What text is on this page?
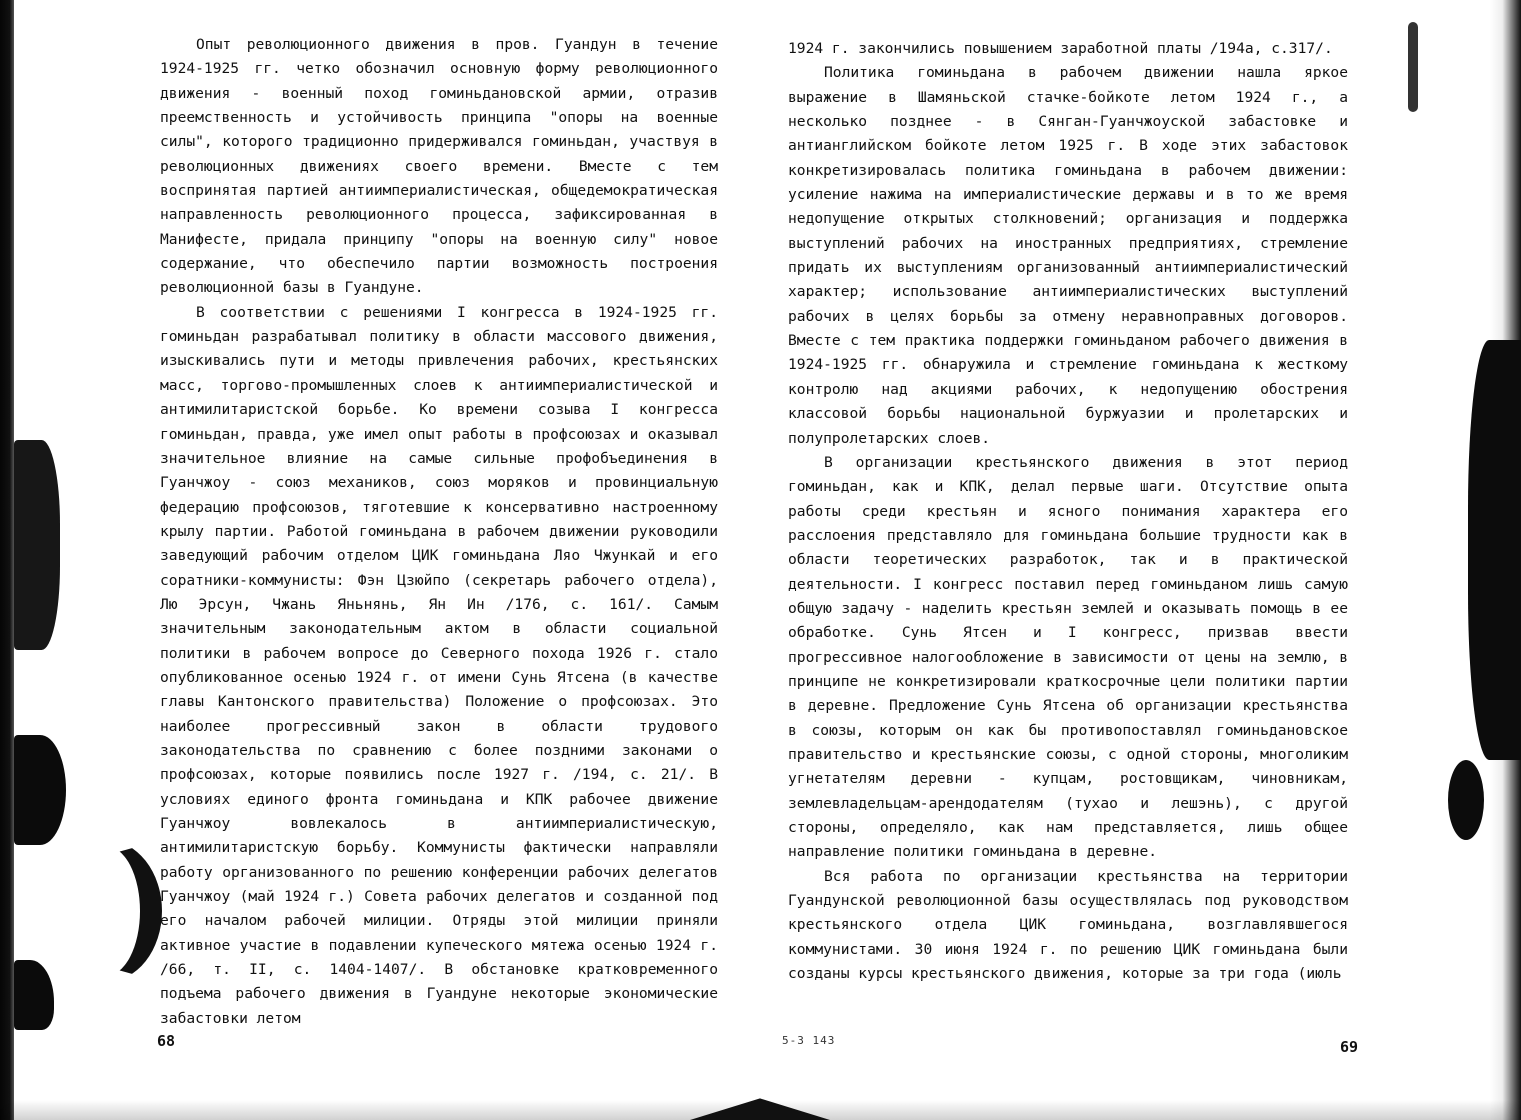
Опыт революционного движения в пров. Гуандун в течение 1924-1925 гг. четко обозначил основную форму революционного движения - военный поход гоминьдановской армии, отразив преемственность и устойчивость принципа "опоры на военные силы", которого традиционно придерживался гоминьдан, участвуя в революционных движениях своего времени. Вместе с тем воспринятая партией антиимпериалистическая, общедемократическая направленность революционного процесса, зафиксированная в Манифесте, придала принципу "опоры на военную силу" новое содержание, что обеспечило партии возможность построения революционной базы в Гуандуне.

В соответствии с решениями I конгресса в 1924-1925 гг. гоминьдан разрабатывал политику в области массового движения, изыскивались пути и методы привлечения рабочих, крестьянских масс, торгово-промышленных слоев к антиимпериалистической и антимилитаристской борьбе. Ко времени созыва I конгресса гоминьдан, правда, уже имел опыт работы в профсоюзах и оказывал значительное влияние на самые сильные профобъединения в Гуанчжоу - союз механиков, союз моряков и провинциальную федерацию профсоюзов, тяготевшие к консервативно настроенному крылу партии. Работой гоминьдана в рабочем движении руководили заведующий рабочим отделом ЦИК гоминьдана Ляо Чжункай и его соратники-коммунисты: Фэн Цзюйпо (секретарь рабочего отдела), Лю Эрсун, Чжань Яньнянь, Ян Ин /176, с. 161/. Самым значительным законодательным актом в области социальной политики в рабочем вопросе до Северного похода 1926 г. стало опубликованное осенью 1924 г. от имени Сунь Ятсена (в качестве главы Кантонского правительства) Положение о профсоюзах. Это наиболее прогрессивный закон в области трудового законодательства по сравнению с более поздними законами о профсоюзах, которые появились после 1927 г. /194, с. 21/. В условиях единого фронта гоминьдана и КПК рабочее движение Гуанчжоу вовлекалось в антиимпериалистическую, антимилитаристскую борьбу. Коммунисты фактически направляли работу организованного по решению конференции рабочих делегатов Гуанчжоу (май 1924 г.) Совета рабочих делегатов и созданной под его началом рабочей милиции. Отряды этой милиции приняли активное участие в подавлении купеческого мятежа осенью 1924 г. /66, т. II, с. 1404-1407/. В обстановке кратковременного подъема рабочего движения в Гуандуне некоторые экономические забастовки летом

68

1924 г. закончились повышением заработной платы /194а, с.317/.

Политика гоминьдана в рабочем движении нашла яркое выражение в Шамяньской стачке-бойкоте летом 1924 г., а несколько позднее - в Сянган-Гуанчжоуской забастовке и антианглийском бойкоте летом 1925 г. В ходе этих забастовок конкретизировалась политика гоминьдана в рабочем движении: усиление нажима на империалистические державы и в то же время недопущение открытых столкновений; организация и поддержка выступлений рабочих на иностранных предприятиях, стремление придать их выступлениям организованный антиимпериалистический характер; использование антиимпериалистических выступлений рабочих в целях борьбы за отмену неравноправных договоров. Вместе с тем практика поддержки гоминьданом рабочего движения в 1924-1925 гг. обнаружила и стремление гоминьдана к жесткому контролю над акциями рабочих, к недопущению обострения классовой борьбы национальной буржуазии и пролетарских и полупролетарских слоев.

В организации крестьянского движения в этот период гоминьдан, как и КПК, делал первые шаги. Отсутствие опыта работы среди крестьян и ясного понимания характера его расслоения представляло для гоминьдана большие трудности как в области теоретических разработок, так и в практической деятельности. I конгресс поставил перед гоминьданом лишь самую общую задачу - наделить крестьян землей и оказывать помощь в ее обработке. Сунь Ятсен и I конгресс, призвав ввести прогрессивное налогообложение в зависимости от цены на землю, в принципе не конкретизировали краткосрочные цели политики партии в деревне. Предложение Сунь Ятсена об организации крестьянства в союзы, которым он как бы противопоставлял гоминьдановское правительство и крестьянские союзы, с одной стороны, многоликим угнетателям деревни - купцам, ростовщикам, чиновникам, землевладельцам-арендодателям (тухао и лешэнь), с другой стороны, определяло, как нам представляется, лишь общее направление политики гоминьдана в деревне.

Вся работа по организации крестьянства на территории Гуандунской революционной базы осуществлялась под руководством крестьянского отдела ЦИК гоминьдана, возглавлявшегося коммунистами. 30 июня 1924 г. по решению ЦИК гоминьдана были созданы курсы крестьянского движения, которые за три года (июль

5-3 143	69
